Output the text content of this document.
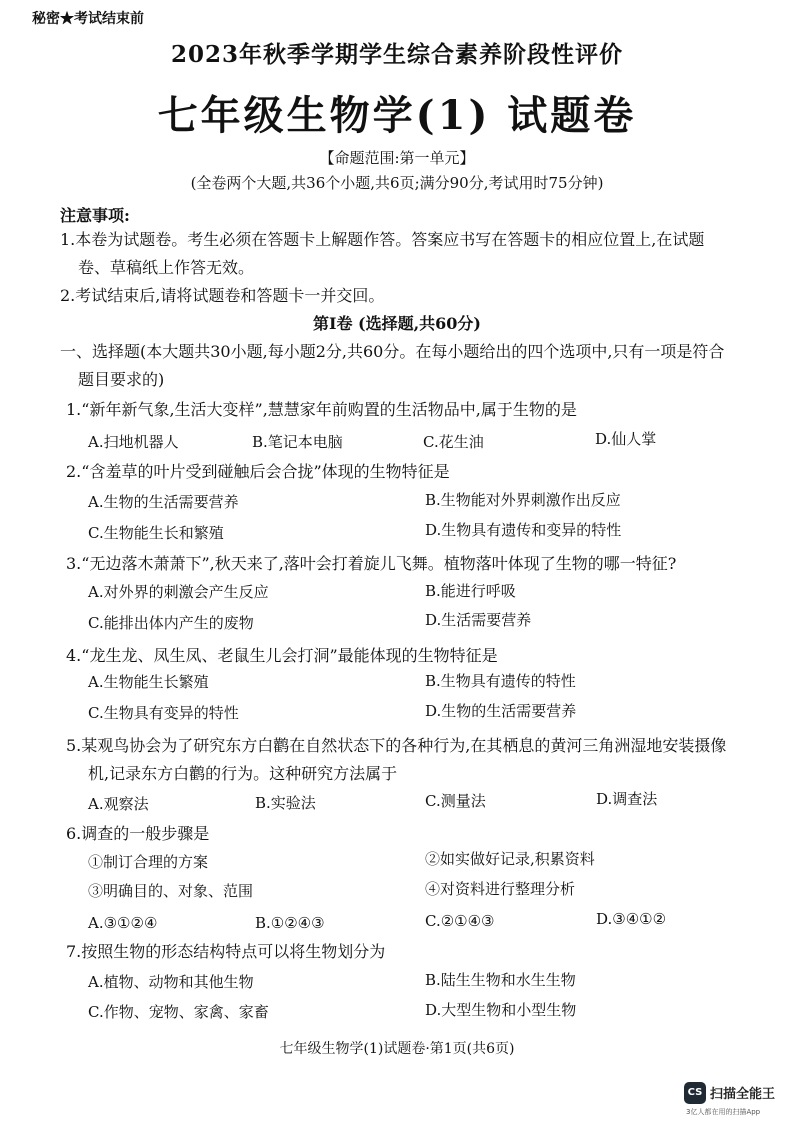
秘密★考试结束前
2023年秋季学期学生综合素养阶段性评价
七年级生物学(1) 试题卷
【命题范围:第一单元】
(全卷两个大题,共36个小题,共6页;满分90分,考试用时75分钟)
注意事项:
1.本卷为试题卷。考生必须在答题卡上解题作答。答案应书写在答题卡的相应位置上,在试题
卷、草稿纸上作答无效。
2.考试结束后,请将试题卷和答题卡一并交回。
第Ⅰ卷 (选择题,共60分)
一、选择题(本大题共30小题,每小题2分,共60分。在每小题给出的四个选项中,只有一项是符合
题目要求的)
1.“新年新气象,生活大变样”,慧慧家年前购置的生活物品中,属于生物的是
A.扫地机器人	B.笔记本电脑	C.花生油	D.仙人掌
2.“含羞草的叶片受到碰触后会合拢”体现的生物特征是
A.生物的生活需要营养	B.生物能对外界刺激作出反应
C.生物能生长和繁殖	D.生物具有遗传和变异的特性
3.“无边落木萧萧下”,秋天来了,落叶会打着旋儿飞舞。植物落叶体现了生物的哪一特征?
A.对外界的刺激会产生反应	B.能进行呼吸
C.能排出体内产生的废物	D.生活需要营养
4.“龙生龙、凤生凤、老鼠生儿会打洞”最能体现的生物特征是
A.生物能生长繁殖	B.生物具有遗传的特性
C.生物具有变异的特性	D.生物的生活需要营养
5.某观鸟协会为了研究东方白鹳在自然状态下的各种行为,在其栖息的黄河三角洲湿地安装摄像
机,记录东方白鹳的行为。这种研究方法属于
A.观察法	B.实验法	C.测量法	D.调查法
6.调查的一般步骤是
①制订合理的方案	②如实做好记录,积累资料
③明确目的、对象、范围	④对资料进行整理分析
A.③①②④	B.①②④③	C.②①④③	D.③④①②
7.按照生物的形态结构特点可以将生物划分为
A.植物、动物和其他生物	B.陆生生物和水生生物
C.作物、宠物、家禽、家畜	D.大型生物和小型生物
七年级生物学(1)试题卷·第1页(共6页)
CS 扫描全能王
3亿人都在用的扫描App
